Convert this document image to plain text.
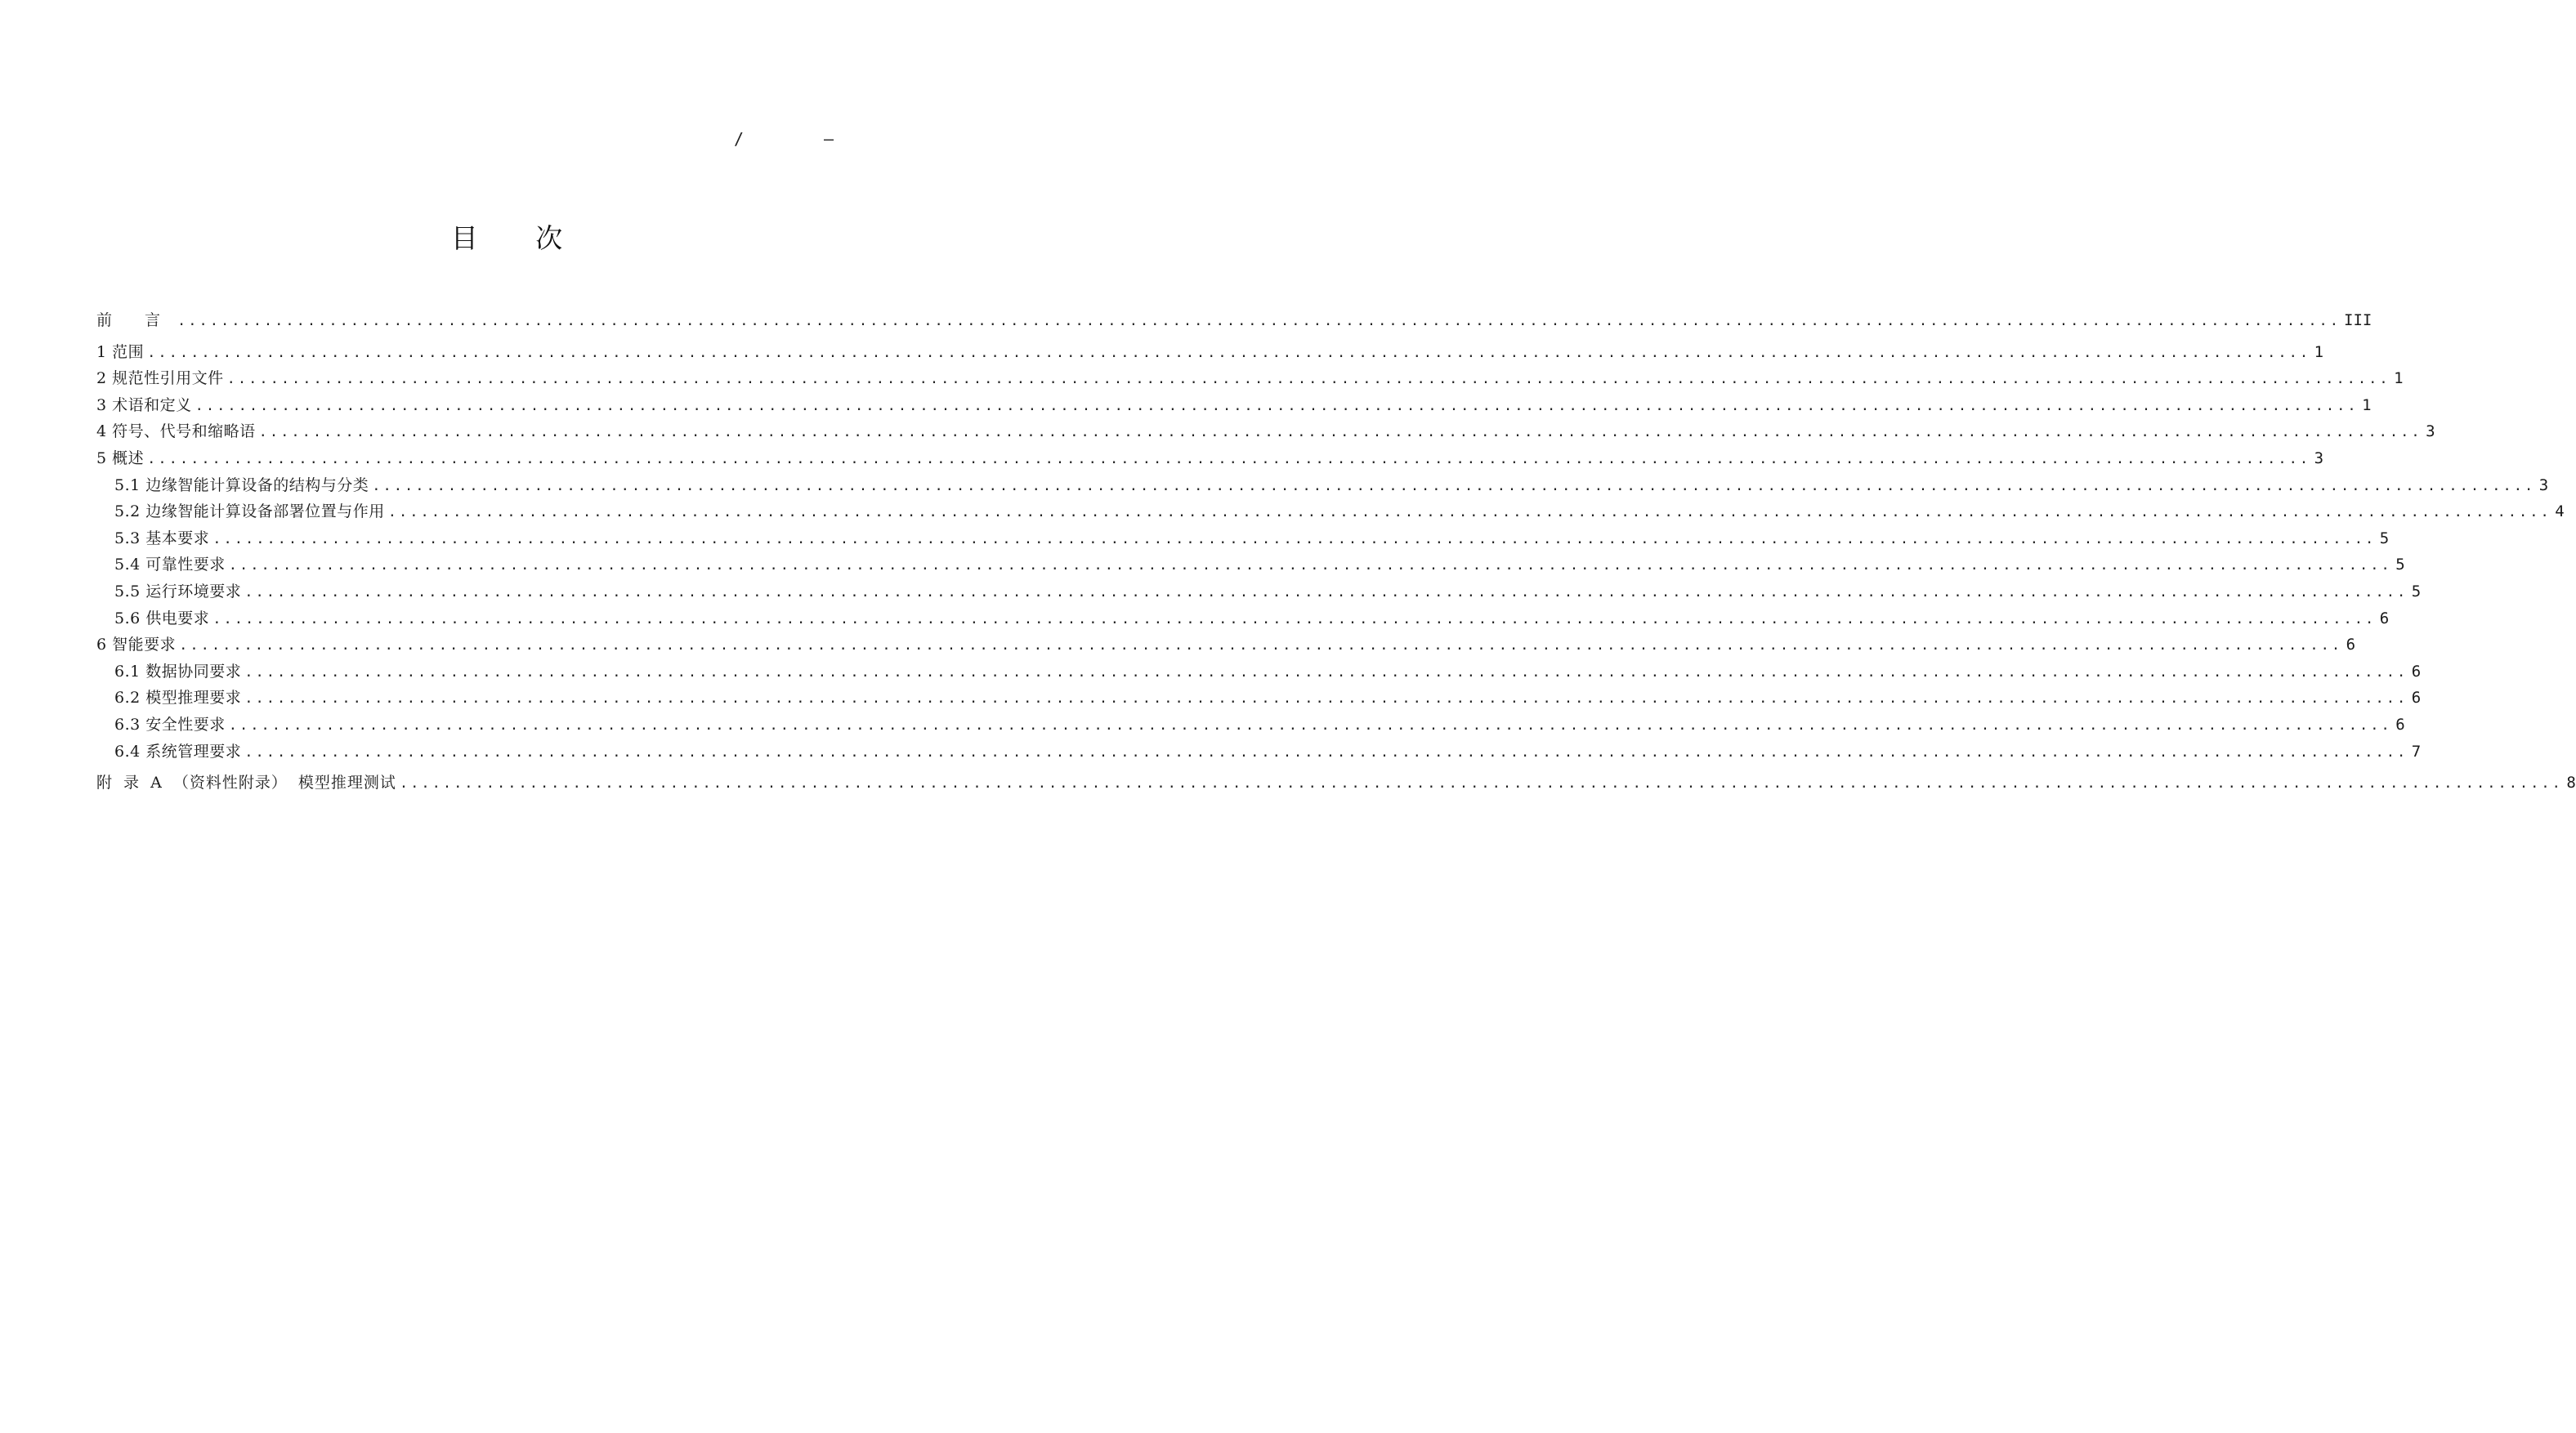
/	—
目 次
前 言 ........................................................................................................................................................................................................ III
1 范围 ........................................................................................................................................................................................................ 1
2 规范性引用文件 ........................................................................................................................................................................................................ 1
3 术语和定义 ........................................................................................................................................................................................................ 1
4 符号、代号和缩略语 ........................................................................................................................................................................................................ 3
5 概述 ........................................................................................................................................................................................................ 3
5.1 边缘智能计算设备的结构与分类 ........................................................................................................................................................................................................ 3
5.2 边缘智能计算设备部署位置与作用 ........................................................................................................................................................................................................ 4
5.3 基本要求 ........................................................................................................................................................................................................ 5
5.4 可靠性要求 ........................................................................................................................................................................................................ 5
5.5 运行环境要求 ........................................................................................................................................................................................................ 5
5.6 供电要求 ........................................................................................................................................................................................................ 6
6 智能要求 ........................................................................................................................................................................................................ 6
6.1 数据协同要求 ........................................................................................................................................................................................................ 6
6.2 模型推理要求 ........................................................................................................................................................................................................ 6
6.3 安全性要求 ........................................................................................................................................................................................................ 6
6.4 系统管理要求 ........................................................................................................................................................................................................ 7
附 录 A （资料性附录） 模型推理测试 ........................................................................................................................................................................................................ 8
